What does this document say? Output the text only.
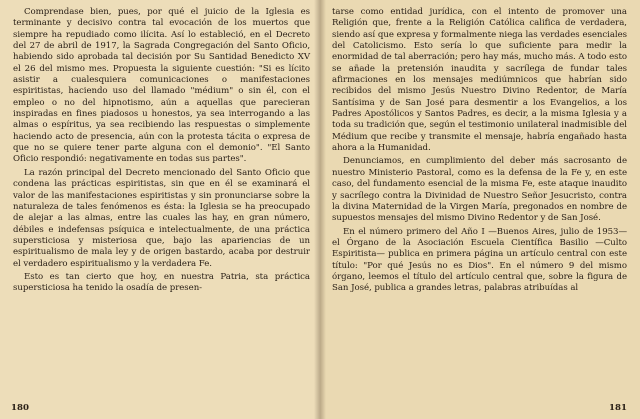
Comprendase bien, pues, por qué el juicio de la Iglesia es terminante y decisivo contra tal evocación de los muertos que siempre ha repudiado como ilícita. Así lo estableció, en el Decreto del 27 de abril de 1917, la Sagrada Congregación del Santo Oficio, habiendo sido aprobada tal decisión por Su Santidad Benedicto XV el 26 del mismo mes. Propuesta la siguiente cuestión: "Si es lícito asistir a cualesquiera comunicaciones o manifestaciones espiritistas, haciendo uso del llamado "médium" o sin él, con el empleo o no del hipnotismo, aún a aquellas que parecieran inspiradas en fines piadosos u honestos, ya sea interrogando a las almas o espíritus, ya sea recibiendo las respuestas o simplemente haciendo acto de presencia, aún con la protesta tácita o expresa de que no se quiere tener parte alguna con el demonio". "El Santo Oficio respondió: negativamente en todas sus partes".

La razón principal del Decreto mencionado del Santo Oficio que condena las prácticas espiritistas, sin que en él se examinará el valor de las manifestaciones espiritistas y sin pronunciarse sobre la naturaleza de tales fenómenos es ésta: la Iglesia se ha preocupado de alejar a las almas, entre las cuales las hay, en gran número, débiles e indefensas psíquica e intelectualmente, de una práctica supersticiosa y misteriosa que, bajo las apariencias de un espiritualismo de mala ley y de origen bastardo, acaba por destruir el verdadero espiritualismo y la verdadera Fe.

Esto es tan cierto que hoy, en nuestra Patria, sta práctica supersticiosa ha tenido la osadía de presen-

180

tarse como entidad jurídica, con el intento de promover una Religión que, frente a la Religión Católica califica de verdadera, siendo así que expresa y formalmente niega las verdades esenciales del Catolicismo. Esto sería lo que suficiente para medir la enormidad de tal aberración; pero hay más, mucho más. A todo esto se añade la pretensión inaudita y sacrílega de fundar tales afirmaciones en los mensajes mediúmnicos que habrían sido recibidos del mismo Jesús Nuestro Divino Redentor, de María Santísima y de San José para desmentir a los Evangelios, a los Padres Apostólicos y Santos Padres, es decir, a la misma Iglesia y a toda su tradición que, según el testimonio unilateral inadmisible del Médium que recibe y transmite el mensaje, habría engañado hasta ahora a la Humanidad.

Denunciamos, en cumplimiento del deber más sacrosanto de nuestro Ministerio Pastoral, como es la defensa de la Fe y, en este caso, del fundamento esencial de la misma Fe, este ataque inaudito y sacrílego contra la Divinidad de Nuestro Señor Jesucristo, contra la divina Maternidad de la Virgen María, pregonados en nombre de supuestos mensajes del mismo Divino Redentor y de San José.

En el número primero del Año I —Buenos Aires, julio de 1953— el Órgano de la Asociación Escuela Científica Basilio —Culto Espiritista— publica en primera página un artículo central con este título: "Por qué Jesús no es Dios". En el número 9 del mismo órgano, leemos el título del artículo central que, sobre la figura de San José, publica a grandes letras, palabras atribuídas al

181
